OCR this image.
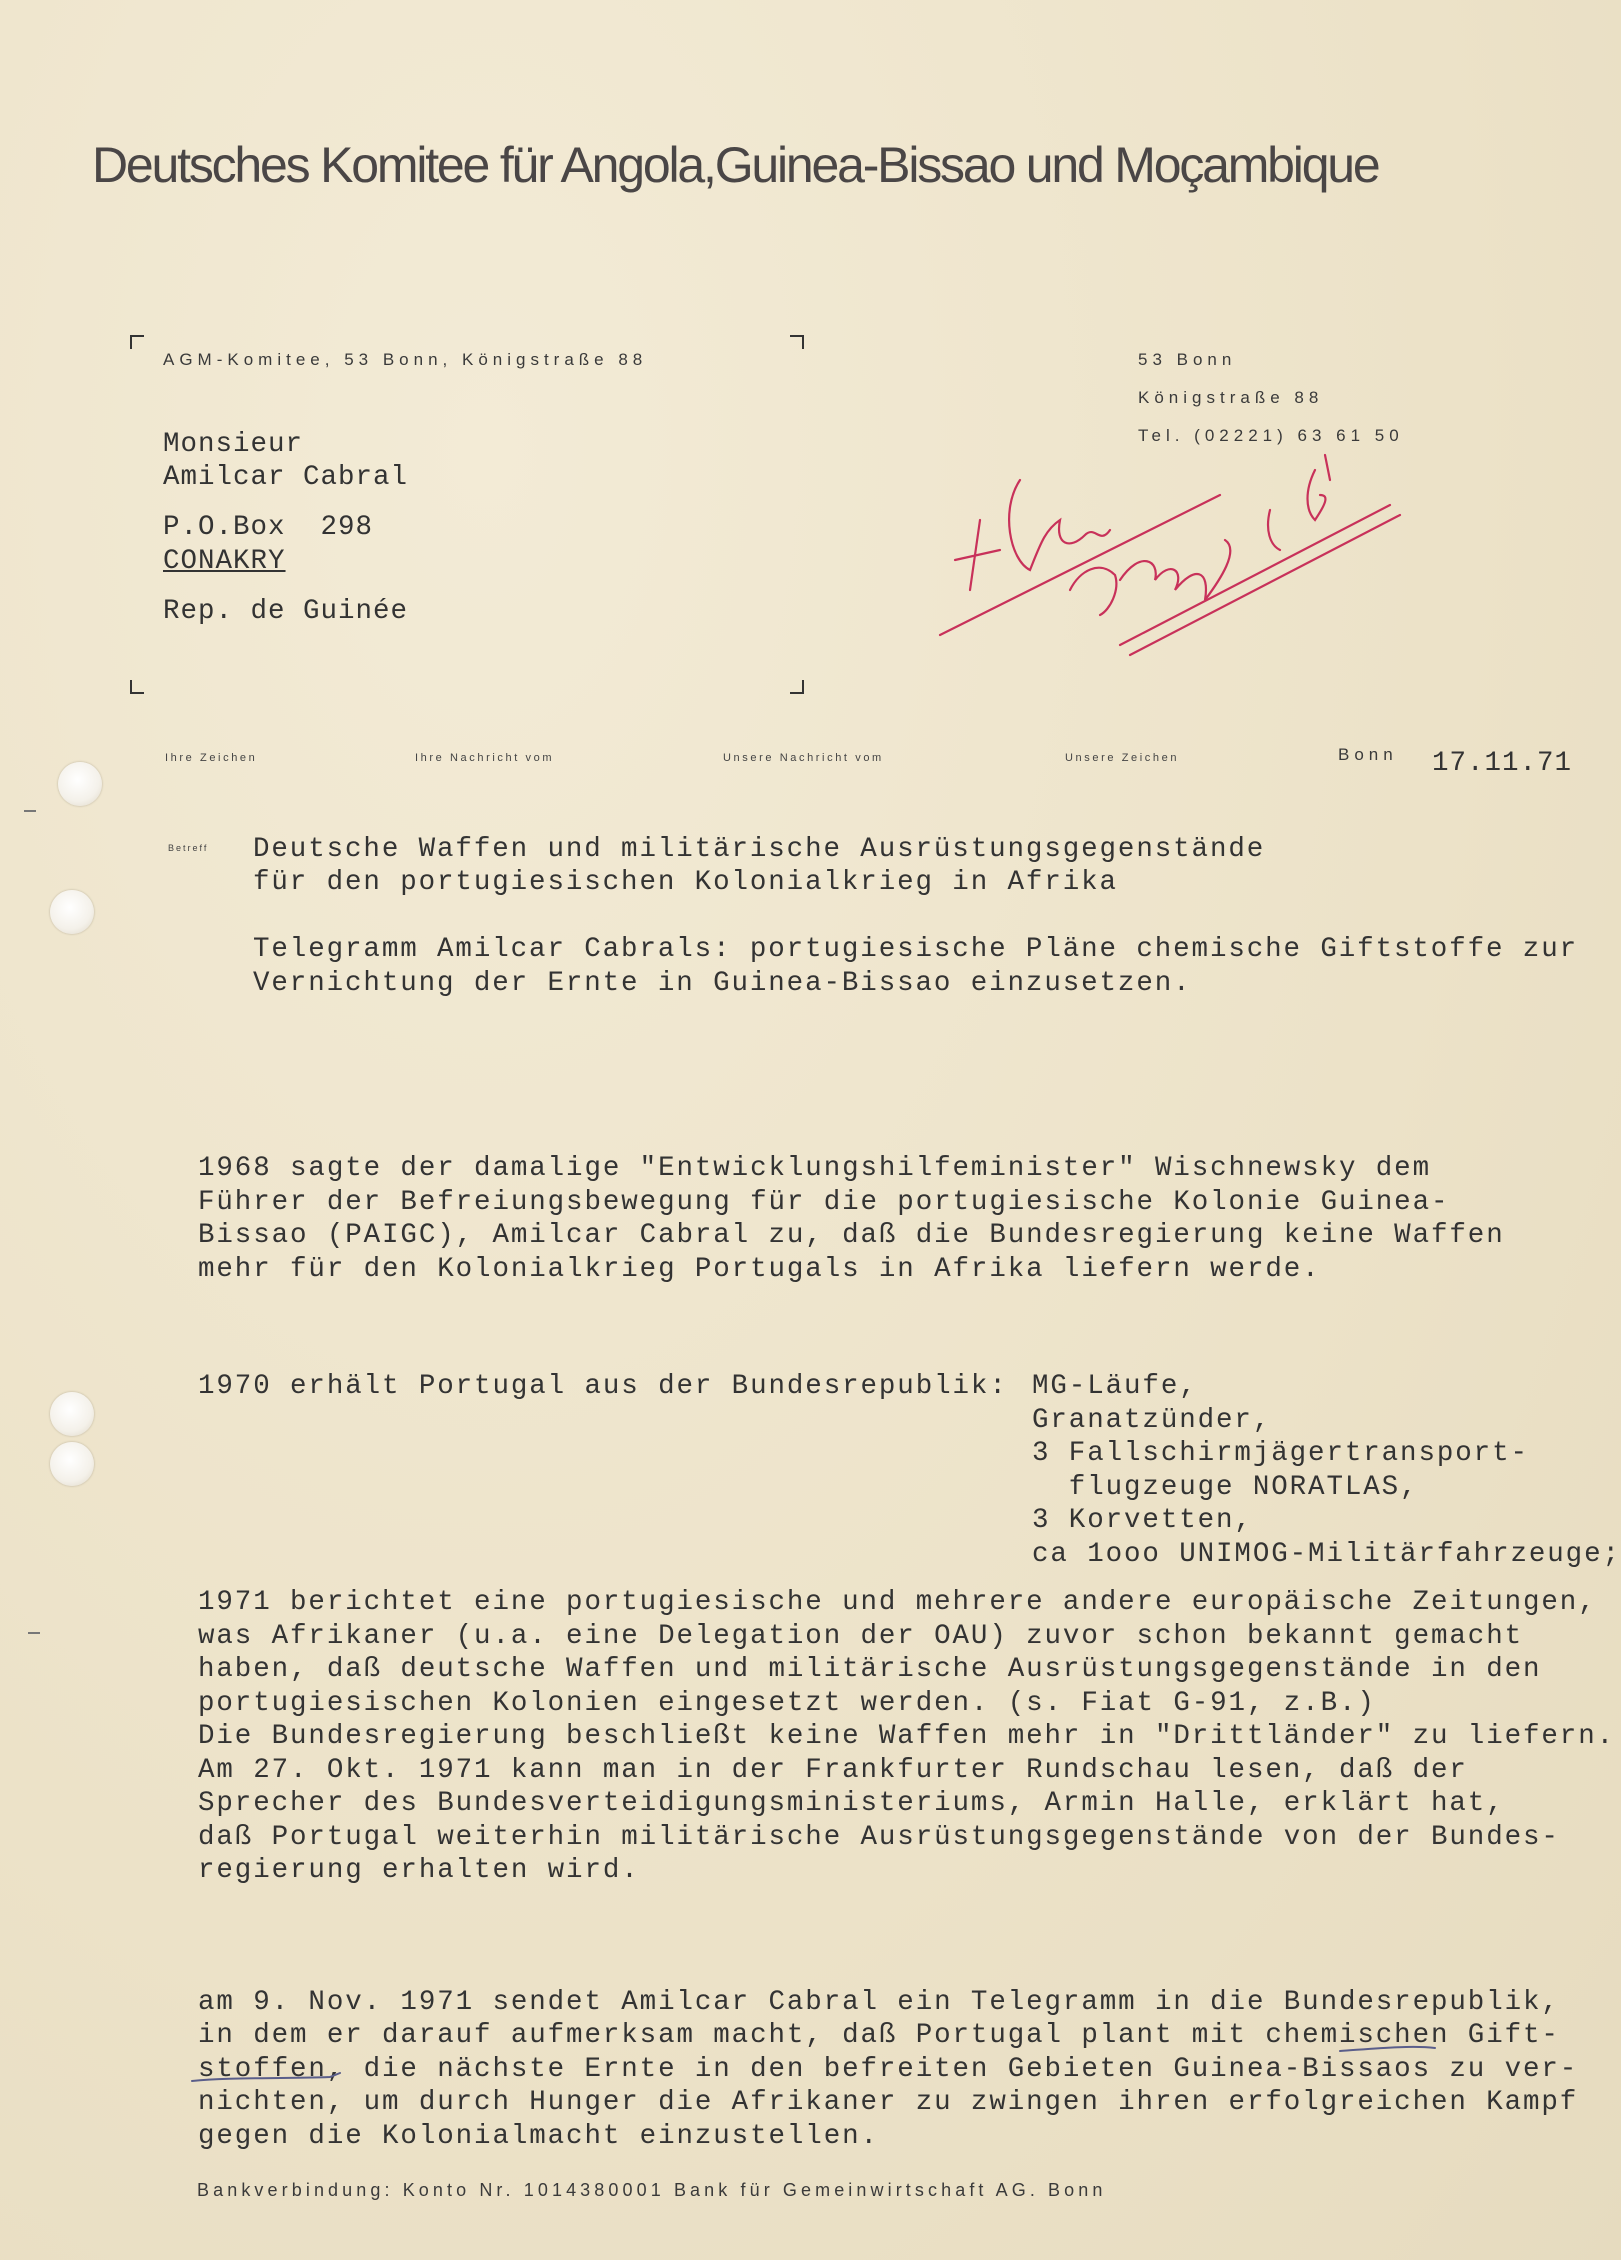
Deutsches Komitee für Angola,Guinea-Bissao und Moçambique
AGM-Komitee, 53 Bonn, Königstraße 88	53 Bonn
Königstraße 88
Tel. (02221) 63 61 50
Monsieur
Amilcar Cabral
P.O.Box  298
CONAKRY
Rep. de Guinée
Ihre Zeichen	Ihre Nachricht vom	Unsere Nachricht vom	Unsere Zeichen	Bonn 17.11.71
Betreff Deutsche Waffen und militärische Ausrüstungsgegenstände
für den portugiesischen Kolonialkrieg in Afrika
Telegramm Amilcar Cabrals: portugiesische Pläne chemische Giftstoffe zur
Vernichtung der Ernte in Guinea-Bissao einzusetzen.
1968 sagte der damalige "Entwicklungshilfeminister" Wischnewsky dem
Führer der Befreiungsbewegung für die portugiesische Kolonie Guinea-
Bissao (PAIGC), Amilcar Cabral zu, daß die Bundesregierung keine Waffen
mehr für den Kolonialkrieg Portugals in Afrika liefern werde.
1970 erhält Portugal aus der Bundesrepublik: MG-Läufe,
Granatzünder,
3 Fallschirmjägertransport-
flugzeuge NORATLAS,
3 Korvetten,
ca 1ooo UNIMOG-Militärfahrzeuge;
1971 berichtet eine portugiesische und mehrere andere europäische Zeitungen,
was Afrikaner (u.a. eine Delegation der OAU) zuvor schon bekannt gemacht
haben, daß deutsche Waffen und militärische Ausrüstungsgegenstände in den
portugiesischen Kolonien eingesetzt werden. (s. Fiat G-91, z.B.)
Die Bundesregierung beschließt keine Waffen mehr in "Drittländer" zu liefern.
Am 27. Okt. 1971 kann man in der Frankfurter Rundschau lesen, daß der
Sprecher des Bundesverteidigungsministeriums, Armin Halle, erklärt hat,
daß Portugal weiterhin militärische Ausrüstungsgegenstände von der Bundes-
regierung erhalten wird.
am 9. Nov. 1971 sendet Amilcar Cabral ein Telegramm in die Bundesrepublik,
in dem er darauf aufmerksam macht, daß Portugal plant mit chemischen Gift-
stoffen, die nächste Ernte in den befreiten Gebieten Guinea-Bissaos zu ver-
nichten, um durch Hunger die Afrikaner zu zwingen ihren erfolgreichen Kampf
gegen die Kolonialmacht einzustellen.
Bankverbindung: Konto Nr. 1014380001 Bank für Gemeinwirtschaft AG. Bonn
